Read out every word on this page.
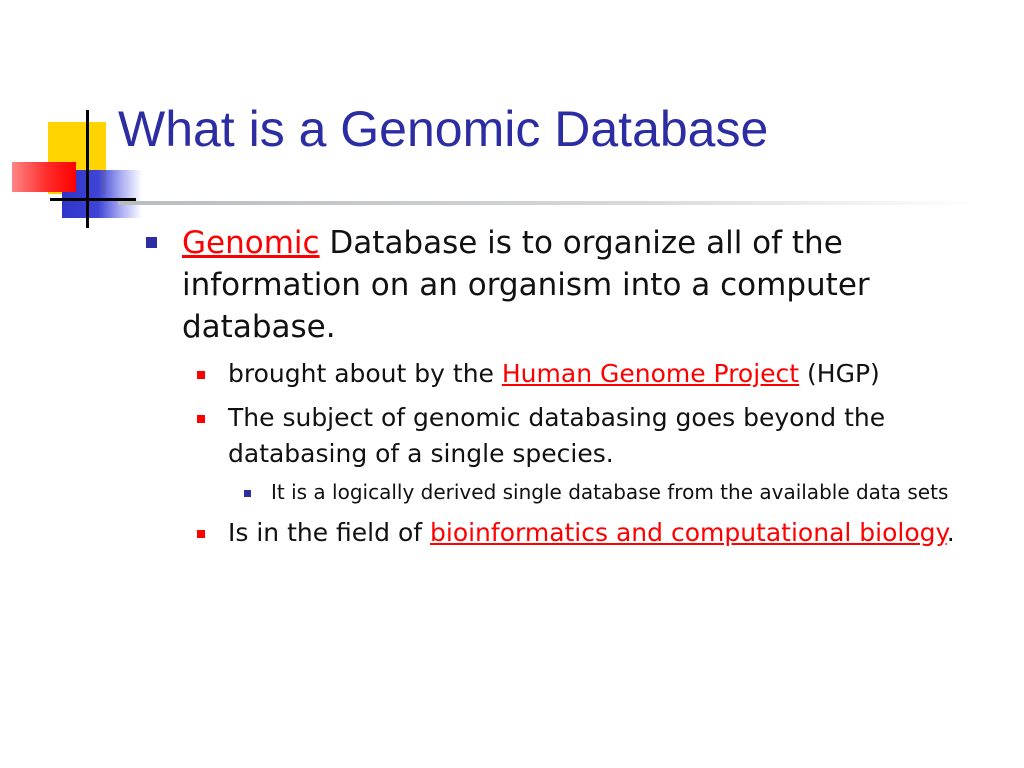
What is a Genomic Database
Genomic Database is to organize all of the information on an organism into a computer database.
brought about by the Human Genome Project (HGP)
The subject of genomic databasing goes beyond the databasing of a single species.
It is a logically derived single database from the available data sets
Is in the field of bioinformatics and computational biology.
